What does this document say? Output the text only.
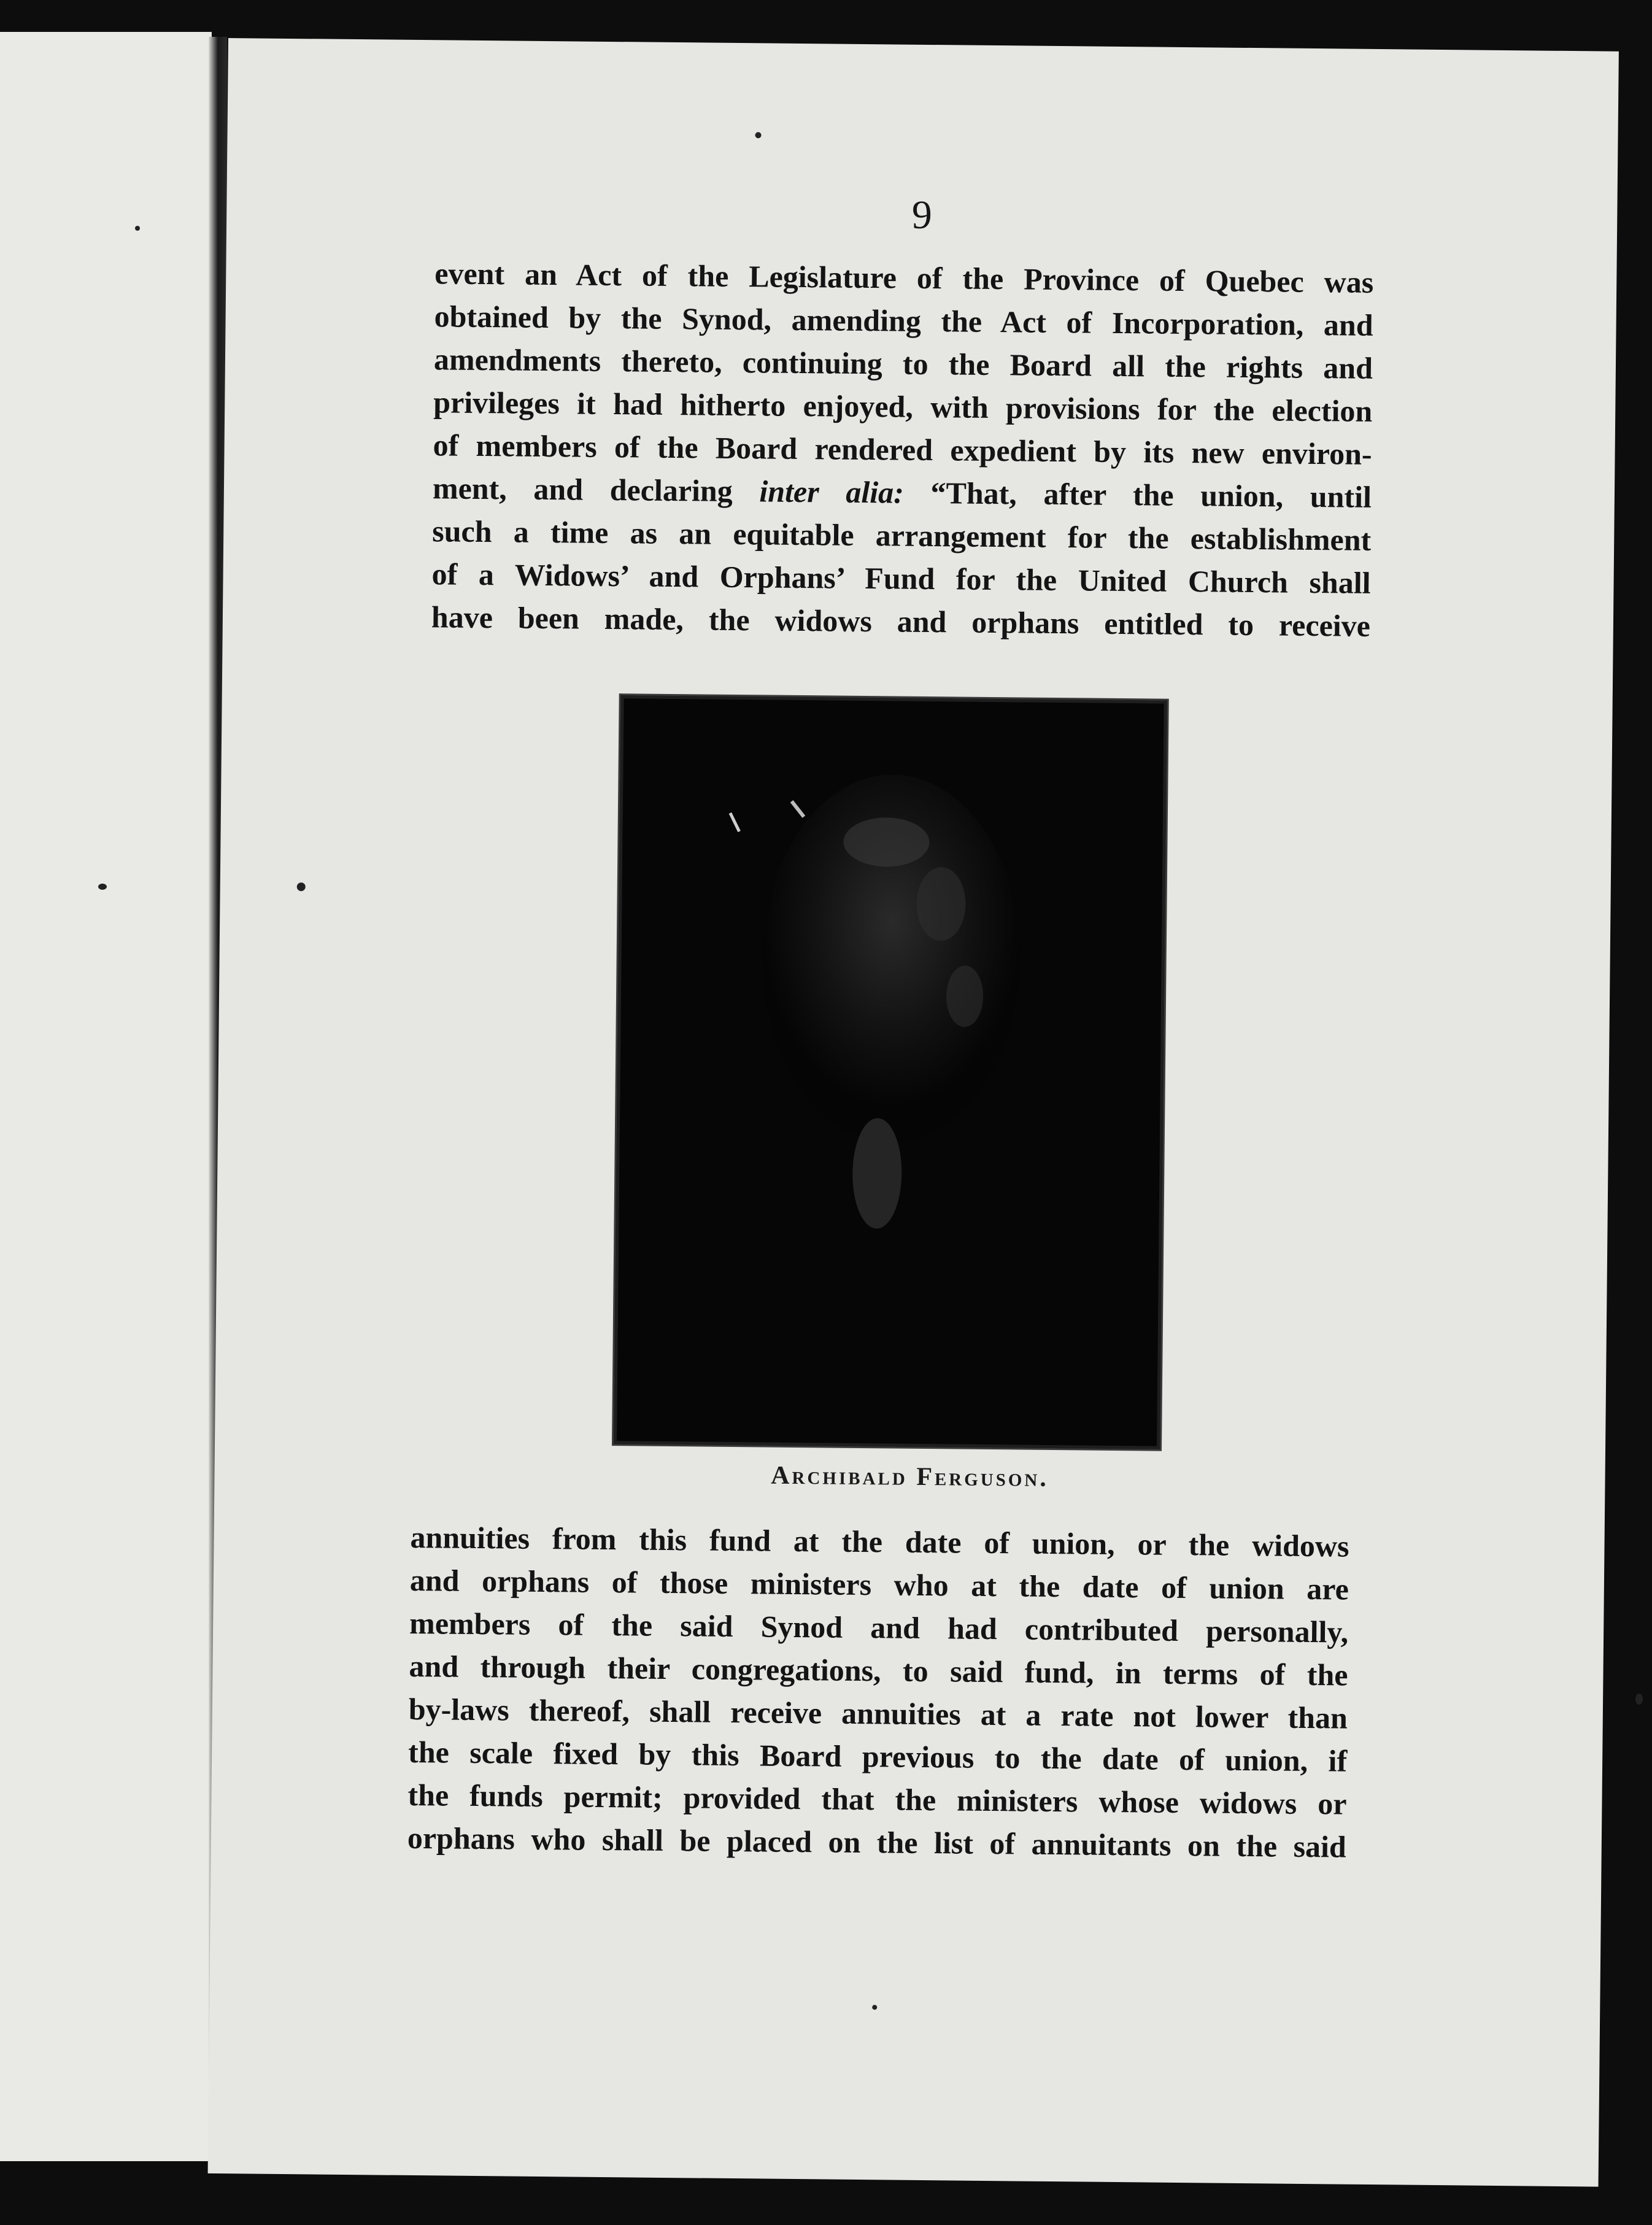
9
event an Act of the Legislature of the Province of Quebec was
obtained by the Synod, amending the Act of Incorporation, and
amendments thereto, continuing to the Board all the rights and
privileges it had hitherto enjoyed, with provisions for the election
of members of the Board rendered expedient by its new environ-
ment, and declaring inter alia: “That, after the union, until
such a time as an equitable arrangement for the establishment
of a Widows’ and Orphans’ Fund for the United Church shall
have been made, the widows and orphans entitled to receive
Archibald Ferguson.
annuities from this fund at the date of union, or the widows
and orphans of those ministers who at the date of union are
members of the said Synod and had contributed personally,
and through their congregations, to said fund, in terms of the
by-laws thereof, shall receive annuities at a rate not lower than
the scale fixed by this Board previous to the date of union, if
the funds permit; provided that the ministers whose widows or
orphans who shall be placed on the list of annuitants on the said
